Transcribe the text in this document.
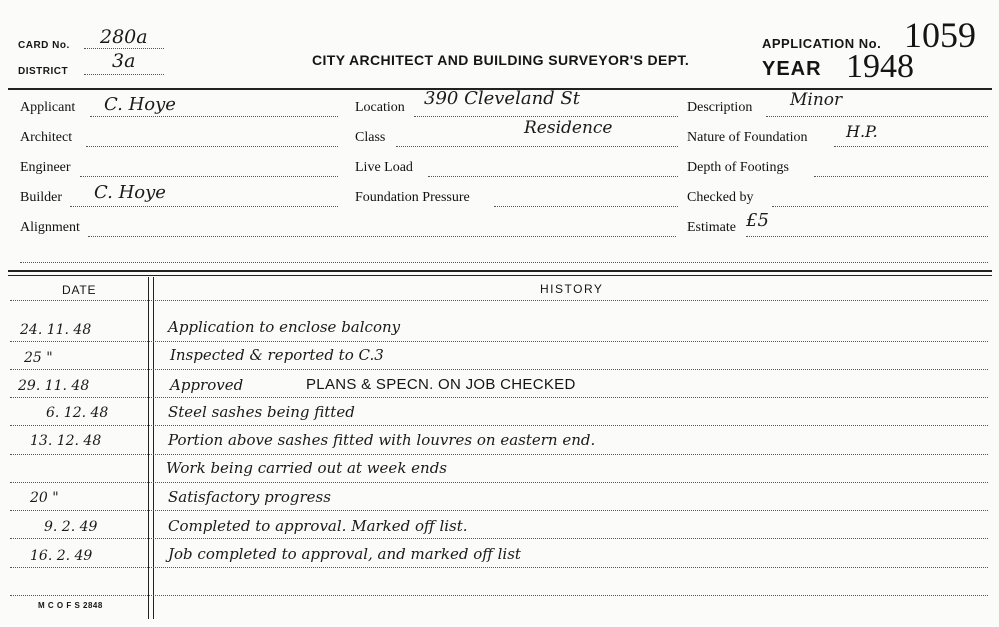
CARD No. 280a
DISTRICT 3a	CITY ARCHITECT AND BUILDING SURVEYOR'S DEPT.
APPLICATION No. 1059
YEAR 1948
Applicant C. Hoye
Architect
Engineer
Builder C. Hoye
Alignment
Location 390 Cleveland St
Class	Residence
Live Load
Foundation Pressure
Description Minor
Nature of Foundation H.P.
Depth of Footings
Checked by
Estimate £5
DATE	HISTORY
24. 11. 48	Application to enclose balcony
25 "	Inspected & reported to C.3
29. 11. 48	Approved	PLANS & SPECN. ON JOB CHECKED
6. 12. 48	Steel sashes being fitted
13. 12. 48	Portion above sashes fitted with louvres on eastern end.
Work being carried out at week ends
20 "	Satisfactory progress
9. 2. 49	Completed to approval. Marked off list.
16. 2. 49	Job completed to approval, and marked off list
M C O F S 2848
